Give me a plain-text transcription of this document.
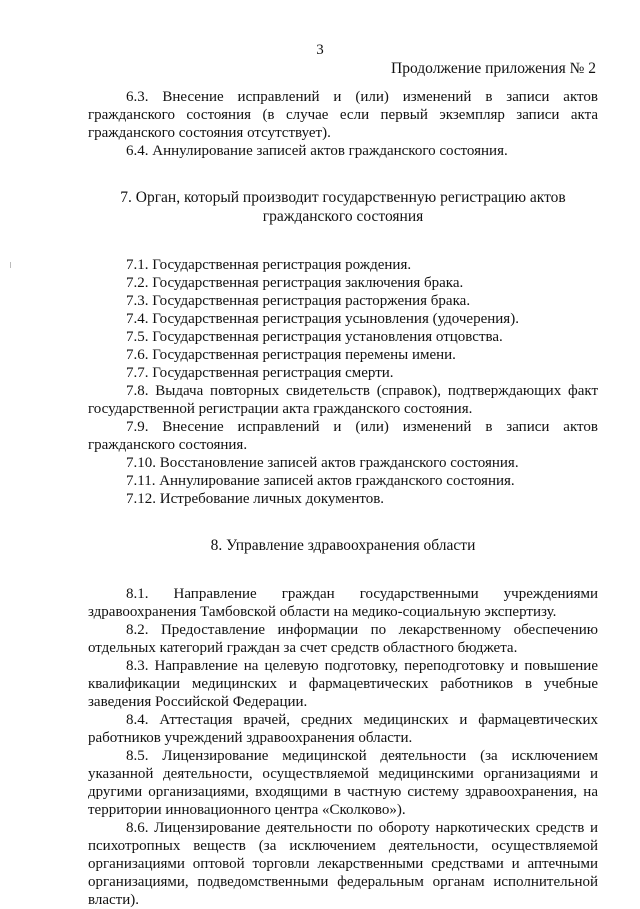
3
Продолжение приложения № 2

6.3. Внесение исправлений и (или) изменений в записи актов гражданского состояния (в случае если первый экземпляр записи акта гражданского состояния отсутствует).

6.4. Аннулирование записей актов гражданского состояния.

7. Орган, который производит государственную регистрацию актов
гражданского состояния

7.1. Государственная регистрация рождения.

7.2. Государственная регистрация заключения брака.

7.3. Государственная регистрация расторжения брака.

7.4. Государственная регистрация усыновления (удочерения).

7.5. Государственная регистрация установления отцовства.

7.6. Государственная регистрация перемены имени.

7.7. Государственная регистрация смерти.

7.8. Выдача повторных свидетельств (справок), подтверждающих факт государственной регистрации акта гражданского состояния.

7.9. Внесение исправлений и (или) изменений в записи актов гражданского состояния.

7.10. Восстановление записей актов гражданского состояния.

7.11. Аннулирование записей актов гражданского состояния.

7.12. Истребование личных документов.

8. Управление здравоохранения области

8.1. Направление граждан государственными учреждениями здравоохранения Тамбовской области на медико-социальную экспертизу.

8.2. Предоставление информации по лекарственному обеспечению отдельных категорий граждан за счет средств областного бюджета.

8.3. Направление на целевую подготовку, переподготовку и повышение квалификации медицинских и фармацевтических работников в учебные заведения Российской Федерации.

8.4. Аттестация врачей, средних медицинских и фармацевтических работников учреждений здравоохранения области.

8.5. Лицензирование медицинской деятельности (за исключением указанной деятельности, осуществляемой медицинскими организациями и другими организациями, входящими в частную систему здравоохранения, на территории инновационного центра «Сколково»).

8.6. Лицензирование деятельности по обороту наркотических средств и психотропных веществ (за исключением деятельности, осуществляемой организациями оптовой торговли лекарственными средствами и аптечными организациями, подведомственными федеральным органам исполнительной власти).
